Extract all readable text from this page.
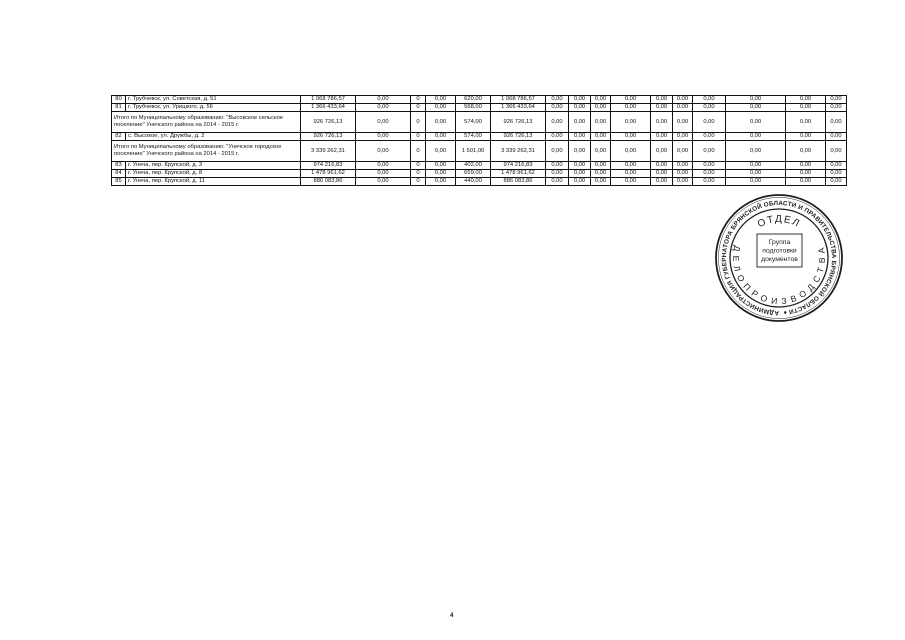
80	г. Трубчевск, ул. Советская, д. 51	1 068 786,57	0,00	0	0,00	620,00	1 068 786,57	0,00	0,00	0,00	0,00	0,00	0,00	0,00	0,00	0,00	0,00
81	г. Трубчевск, ул. Урицкого, д. 56	1 366 433,64	0,00	0	0,00	568,00	1 366 433,64	0,00	0,00	0,00	0,00	0,00	0,00	0,00	0,00	0,00	0,00
Итого по Муниципальному образованию: "Высокское сельское поселение" Унечского района на 2014 - 2015 г.		926 726,13	0,00	0	0,00	574,00	926 726,13	0,00	0,00	0,00	0,00	0,00	0,00	0,00	0,00	0,00	0,00
82	с. Высокое, ул. Дружбы, д. 2	926 726,13	0,00	0	0,00	574,00	926 726,13	0,00	0,00	0,00	0,00	0,00	0,00	0,00	0,00	0,00	0,00
Итого по Муниципальному образованию: "Унечское городское поселение" Унечского района на 2014 - 2015 г.		3 339 262,31	0,00	0	0,00	1 501,00	3 339 262,31	0,00	0,00	0,00	0,00	0,00	0,00	0,00	0,00	0,00	0,00
83	г. Унеча, пер. Крупской, д. 3	974 216,83	0,00	0	0,00	402,00	974 216,83	0,00	0,00	0,00	0,00	0,00	0,00	0,00	0,00	0,00	0,00
84	г. Унеча, пер. Крупской, д. 8	1 478 961,62	0,00	0	0,00	659,00	1 478 961,62	0,00	0,00	0,00	0,00	0,00	0,00	0,00	0,00	0,00	0,00
85	г. Унеча, пер. Крупской, д. 11	886 083,86	0,00	0	0,00	440,00	886 083,86	0,00	0,00	0,00	0,00	0,00	0,00	0,00	0,00	0,00	0,00
АДМИНИСТРАЦИЯ ГУБЕРНАТОРА БРЯНСКОЙ ОБЛАСТИ И ПРАВИТЕЛЬСТВА БРЯНСКОЙ ОБЛАСТИ ♦
ОТДЕЛ
ДЕЛОПРОИЗВОДСТВА
Группа
подготовки
документов
4
